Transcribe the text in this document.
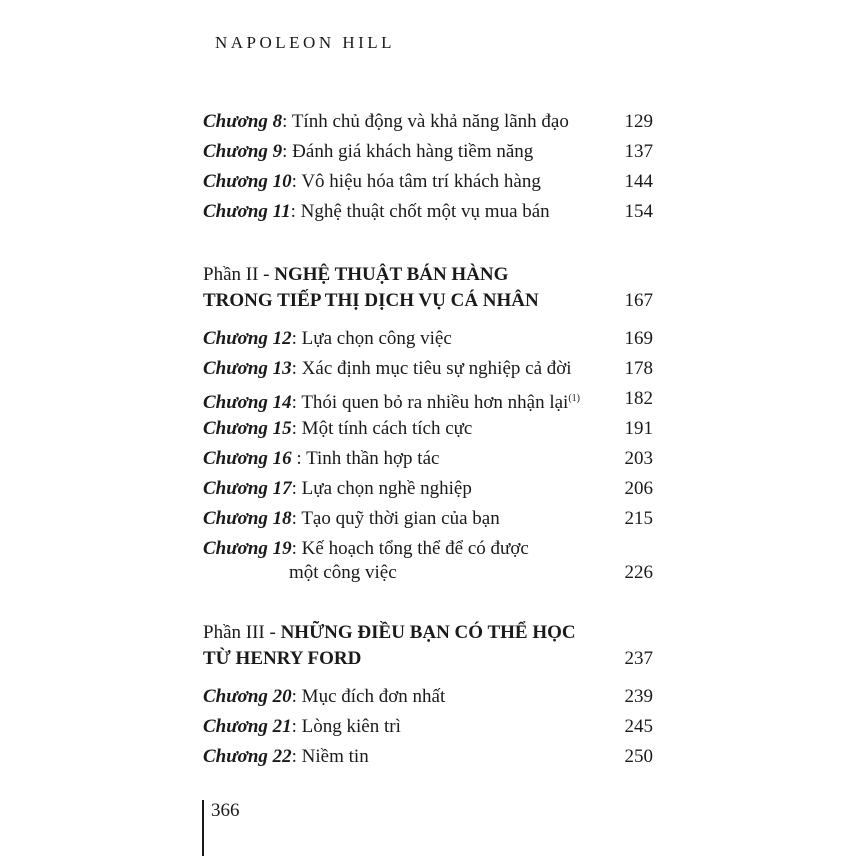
NAPOLEON HILL
Chương 8: Tính chủ động và khả năng lãnh đạo	129
Chương 9: Đánh giá khách hàng tiềm năng	137
Chương 10: Vô hiệu hóa tâm trí khách hàng	144
Chương 11: Nghệ thuật chốt một vụ mua bán	154
Phần II - NGHỆ THUẬT BÁN HÀNG
TRONG TIẾP THỊ DỊCH VỤ CÁ NHÂN	167
Chương 12: Lựa chọn công việc	169
Chương 13: Xác định mục tiêu sự nghiệp cả đời	178
Chương 14: Thói quen bỏ ra nhiều hơn nhận lại$^{(1)}$ 182
Chương 15: Một tính cách tích cực	191
Chương 16 : Tinh thần hợp tác	203
Chương 17: Lựa chọn nghề nghiệp	206
Chương 18: Tạo quỹ thời gian của bạn	215
Chương 19: Kế hoạch tổng thể để có được
một công việc	226
Phần III - NHỮNG ĐIỀU BẠN CÓ THỂ HỌC
TỪ HENRY FORD	237
Chương 20: Mục đích đơn nhất	239
Chương 21: Lòng kiên trì	245
Chương 22: Niềm tin	250
366
